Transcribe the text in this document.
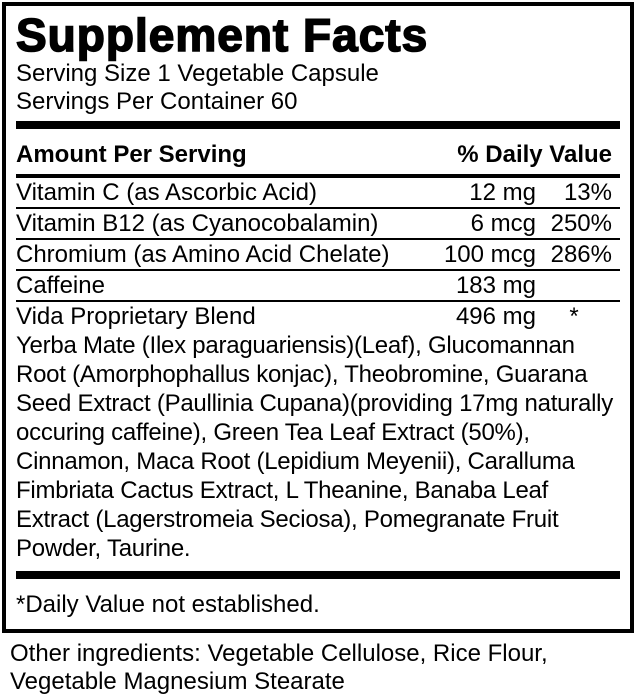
Supplement Facts
Serving Size 1 Vegetable Capsule
Servings Per Container 60
Amount Per Serving	% Daily Value
Vitamin C (as Ascorbic Acid)	12 mg	13%
Vitamin B12 (as Cyanocobalamin)	6 mcg 250%
Chromium (as Amino Acid Chelate)	100 mcg 286%
Caffeine	183 mg
Vida Proprietary Blend	496 mg	*
Yerba Mate (Ilex paraguariensis)(Leaf), Glucomannan Root (Amorphophallus konjac), Theobromine, Guarana Seed Extract (Paullinia Cupana)(providing 17mg naturally occuring caffeine), Green Tea Leaf Extract (50%), Cinnamon, Maca Root (Lepidium Meyenii), Caralluma Fimbriata Cactus Extract, L Theanine, Banaba Leaf Extract (Lagerstromeia Seciosa), Pomegranate Fruit Powder, Taurine.
*Daily Value not established.
Other ingredients: Vegetable Cellulose, Rice Flour, Vegetable Magnesium Stearate
